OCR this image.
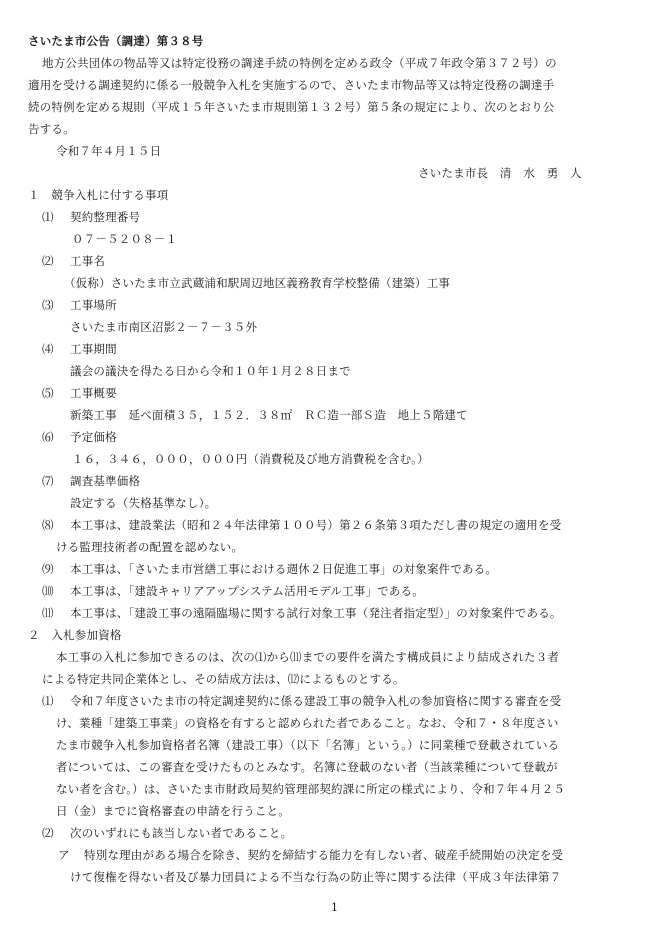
さいたま市公告（調達）第３８号
地方公共団体の物品等又は特定役務の調達手続の特例を定める政令（平成７年政令第３７２号）の
適用を受ける調達契約に係る一般競争入札を実施するので、さいたま市物品等又は特定役務の調達手
続の特例を定める規則（平成１５年さいたま市規則第１３２号）第５条の規定により、次のとおり公
告する。
令和７年４月１５日
さいたま市長　清　水　勇　人
１　競争入札に付する事項
⑴ 契約整理番号
０７－５２０８－１
⑵ 工事名
（仮称）さいたま市立武蔵浦和駅周辺地区義務教育学校整備（建築）工事
⑶ 工事場所
さいたま市南区沼影２－７－３５外
⑷ 工事期間
議会の議決を得たる日から令和１０年１月２８日まで
⑸ 工事概要
新築工事　延べ面積３５，１５２．３８㎡　ＲＣ造一部Ｓ造　地上５階建て
⑹ 予定価格
１６，３４６，０００，０００円（消費税及び地方消費税を含む。）
⑺ 調査基準価格
設定する（失格基準なし）。
⑻ 本工事は、建設業法（昭和２４年法律第１００号）第２６条第３項ただし書の規定の適用を受
ける監理技術者の配置を認めない。
⑼ 本工事は、「さいたま市営繕工事における週休２日促進工事」の対象案件である。
⑽ 本工事は、「建設キャリアアップシステム活用モデル工事」である。
⑾ 本工事は、「建設工事の遠隔臨場に関する試行対象工事（発注者指定型）」の対象案件である。
２　入札参加資格
本工事の入札に参加できるのは、次の⑴から⑾までの要件を満たす構成員により結成された３者
による特定共同企業体とし、その結成方法は、⑿によるものとする。
⑴ 令和７年度さいたま市の特定調達契約に係る建設工事の競争入札の参加資格に関する審査を受
け、業種「建築工事業」の資格を有すると認められた者であること。なお、令和７・８年度さい
たま市競争入札参加資格者名簿（建設工事）（以下「名簿」という。）に同業種で登載されている
者については、この審査を受けたものとみなす。名簿に登載のない者（当該業種について登載が
ない者を含む。）は、さいたま市財政局契約管理部契約課に所定の様式により、令和７年４月２５
日（金）までに資格審査の申請を行うこと。
⑵ 次のいずれにも該当しない者であること。
ア 特別な理由がある場合を除き、契約を締結する能力を有しない者、破産手続開始の決定を受
けて復権を得ない者及び暴力団員による不当な行為の防止等に関する法律（平成３年法律第７
1
